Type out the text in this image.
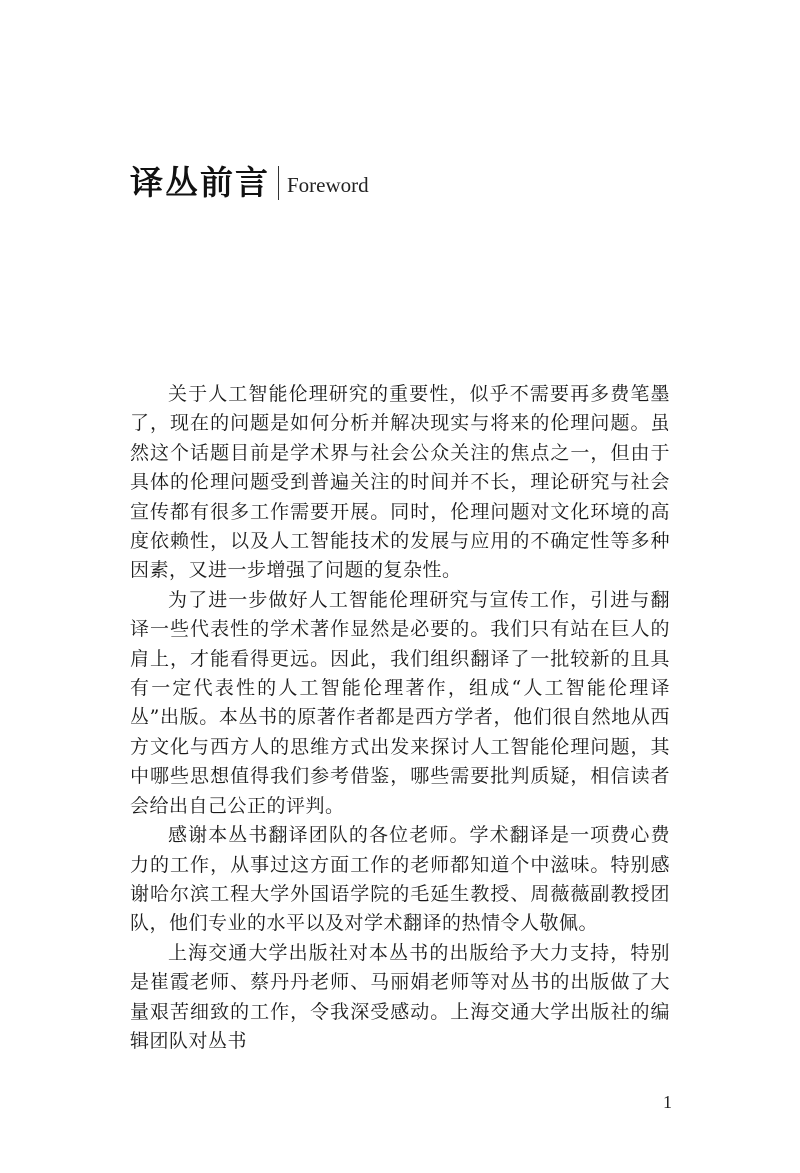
译丛前言 Foreword

关于人工智能伦理研究的重要性，似乎不需要再多费笔墨了，现在的问题是如何分析并解决现实与将来的伦理问题。虽然这个话题目前是学术界与社会公众关注的焦点之一，但由于具体的伦理问题受到普遍关注的时间并不长，理论研究与社会宣传都有很多工作需要开展。同时，伦理问题对文化环境的高度依赖性，以及人工智能技术的发展与应用的不确定性等多种因素，又进一步增强了问题的复杂性。

为了进一步做好人工智能伦理研究与宣传工作，引进与翻译一些代表性的学术著作显然是必要的。我们只有站在巨人的肩上，才能看得更远。因此，我们组织翻译了一批较新的且具有一定代表性的人工智能伦理著作，组成“人工智能伦理译丛”出版。本丛书的原著作者都是西方学者，他们很自然地从西方文化与西方人的思维方式出发来探讨人工智能伦理问题，其中哪些思想值得我们参考借鉴，哪些需要批判质疑，相信读者会给出自己公正的评判。

感谢本丛书翻译团队的各位老师。学术翻译是一项费心费力的工作，从事过这方面工作的老师都知道个中滋味。特别感谢哈尔滨工程大学外国语学院的毛延生教授、周薇薇副教授团队，他们专业的水平以及对学术翻译的热情令人敬佩。

上海交通大学出版社对本丛书的出版给予大力支持，特别是崔霞老师、蔡丹丹老师、马丽娟老师等对丛书的出版做了大量艰苦细致的工作，令我深受感动。上海交通大学出版社的编辑团队对丛书

1
